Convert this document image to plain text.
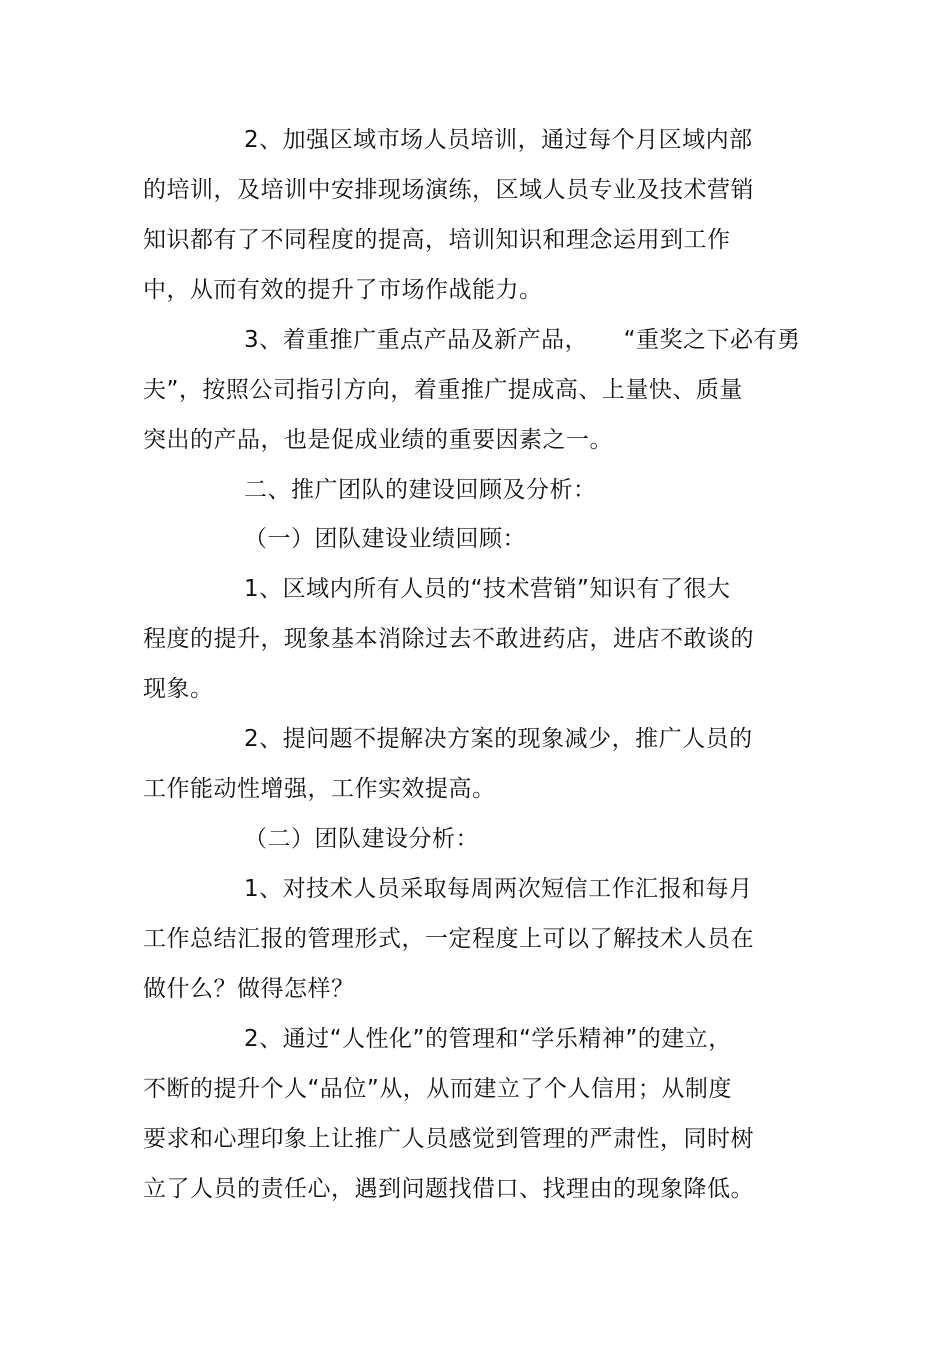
2、加强区域市场人员培训，通过每个月区域内部
的培训，及培训中安排现场演练，区域人员专业及技术营销
知识都有了不同程度的提高，培训知识和理念运用到工作
中，从而有效的提升了市场作战能力。
3、着重推广重点产品及新产品，　　“重奖之下必有勇
夫”，按照公司指引方向，着重推广提成高、上量快、质量
突出的产品，也是促成业绩的重要因素之一。
二、推广团队的建设回顾及分析：
（一）团队建设业绩回顾：
1、区域内所有人员的“技术营销”知识有了很大
程度的提升，现象基本消除过去不敢进药店，进店不敢谈的
现象。
2、提问题不提解决方案的现象减少，推广人员的
工作能动性增强，工作实效提高。
（二）团队建设分析：
1、对技术人员采取每周两次短信工作汇报和每月
工作总结汇报的管理形式，一定程度上可以了解技术人员在
做什么？做得怎样？
2、通过“人性化”的管理和“学乐精神”的建立，
不断的提升个人“品位”从，从而建立了个人信用；从制度
要求和心理印象上让推广人员感觉到管理的严肃性，同时树
立了人员的责任心，遇到问题找借口、找理由的现象降低。
